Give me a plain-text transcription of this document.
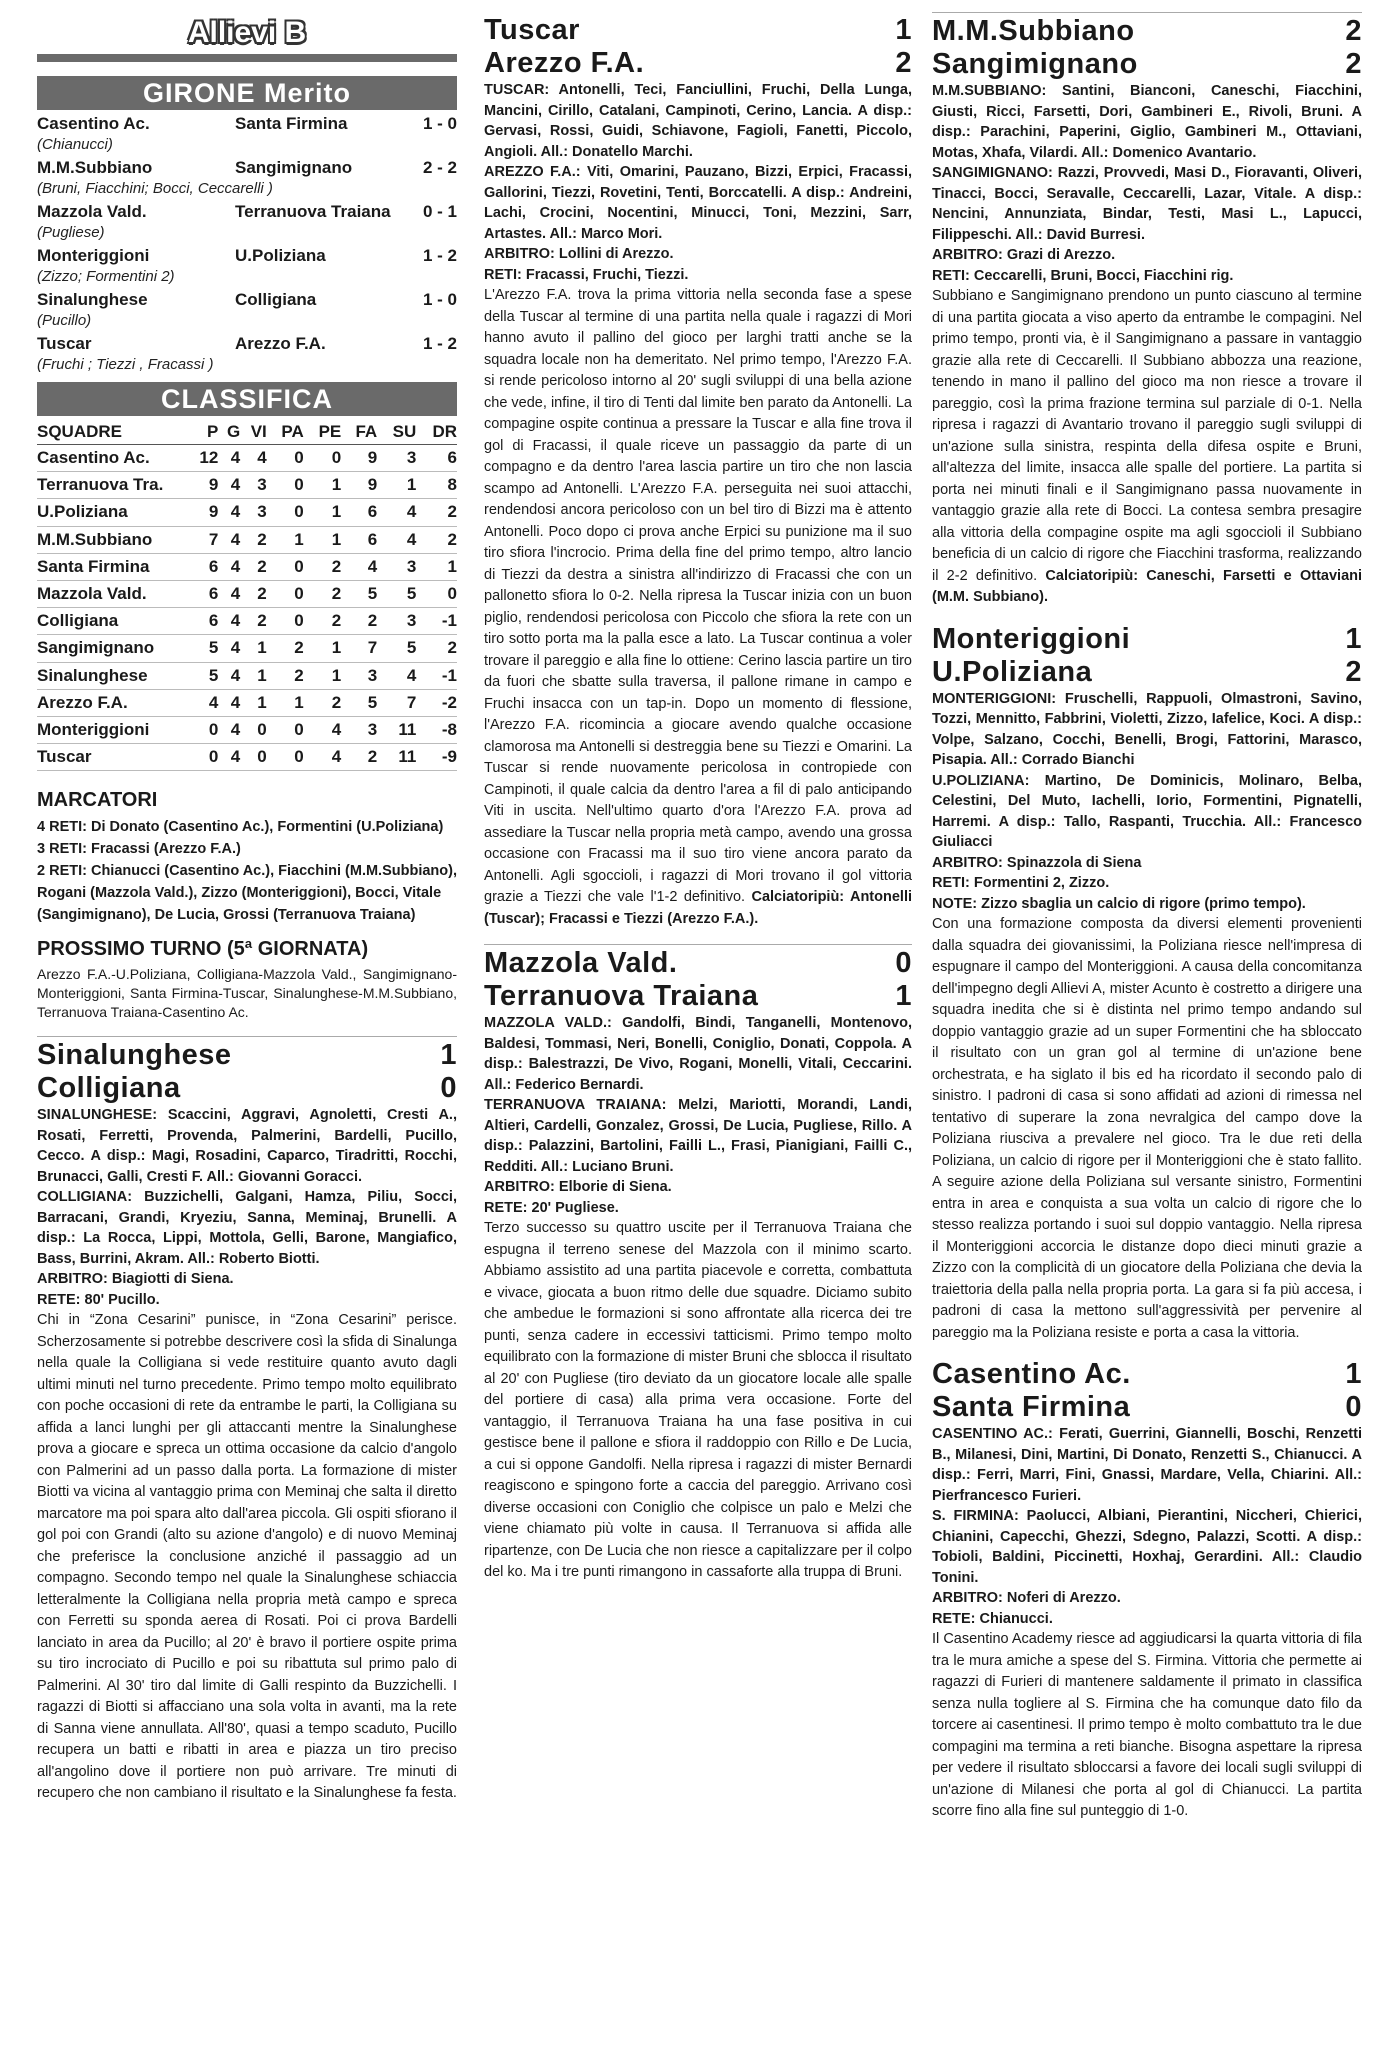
Allievi B
GIRONE Merito
Casentino Ac.	Santa Firmina	1 - 0
(Chianucci)
M.M.Subbiano	Sangimignano	2 - 2
(Bruni, Fiacchini; Bocci, Ceccarelli )
Mazzola Vald.	Terranuova Traiana	0 - 1
(Pugliese)
Monteriggioni	U.Poliziana	1 - 2
(Zizzo; Formentini 2)
Sinalunghese	Colligiana	1 - 0
(Pucillo)
Tuscar	Arezzo F.A.	1 - 2
(Fruchi ; Tiezzi , Fracassi )
CLASSIFICA
SQUADRE	P	G	VI	PA	PE	FA	SU	DR
Casentino Ac.	12	4	4	0	0	9	3	6
Terranuova Tra.	9	4	3	0	1	9	1	8
U.Poliziana	9	4	3	0	1	6	4	2
M.M.Subbiano	7	4	2	1	1	6	4	2
Santa Firmina	6	4	2	0	2	4	3	1
Mazzola Vald.	6	4	2	0	2	5	5	0
Colligiana	6	4	2	0	2	2	3	-1
Sangimignano	5	4	1	2	1	7	5	2
Sinalunghese	5	4	1	2	1	3	4	-1
Arezzo F.A.	4	4	1	1	2	5	7	-2
Monteriggioni	0	4	0	0	4	3	11	-8
Tuscar	0	4	0	0	4	2	11	-9
MARCATORI
4 RETI: Di Donato (Casentino Ac.), Formentini (U.Poliziana)
3 RETI: Fracassi (Arezzo F.A.)
2 RETI: Chianucci (Casentino Ac.), Fiacchini (M.M.Subbiano), Rogani (Mazzola Vald.), Zizzo (Monteriggioni), Bocci, Vitale (Sangimignano), De Lucia, Grossi (Terranuova Traiana)
PROSSIMO TURNO (5ª GIORNATA)
Arezzo F.A.-U.Poliziana, Colligiana-Mazzola Vald., Sangimignano-Monteriggioni, Santa Firmina-Tuscar, Sinalunghese-M.M.Subbiano, Terranuova Traiana-Casentino Ac.
Sinalunghese	1
Colligiana	0
SINALUNGHESE: Scaccini, Aggravi, Agnoletti, Cresti A., Rosati, Ferretti, Provenda, Palmerini, Bardelli, Pucillo, Cecco. A disp.: Magi, Rosadini, Caparco, Tiradritti, Rocchi, Brunacci, Galli, Cresti F. All.: Giovanni Goracci.
COLLIGIANA: Buzzichelli, Galgani, Hamza, Piliu, Socci, Barracani, Grandi, Kryeziu, Sanna, Meminaj, Brunelli. A disp.: La Rocca, Lippi, Mottola, Gelli, Barone, Mangiafico, Bass, Burrini, Akram. All.: Roberto Biotti.
ARBITRO: Biagiotti di Siena.
RETE: 80' Pucillo.
Chi in “Zona Cesarini” punisce, in “Zona Cesarini” perisce. Scherzosamente si potrebbe descrivere così la sfida di Sinalunga nella quale la Colligiana si vede restituire quanto avuto dagli ultimi minuti nel turno precedente. Primo tempo molto equilibrato con poche occasioni di rete da entrambe le parti, la Colligiana su affida a lanci lunghi per gli attaccanti mentre la Sinalunghese prova a giocare e spreca un ottima occasione da calcio d'angolo con Palmerini ad un passo dalla porta. La formazione di mister Biotti va vicina al vantaggio prima con Meminaj che salta il diretto marcatore ma poi spara alto dall'area piccola. Gli ospiti sfiorano il gol poi con Grandi (alto su azione d'angolo) e di nuovo Meminaj che preferisce la conclusione anziché il passaggio ad un compagno. Secondo tempo nel quale la Sinalunghese schiaccia letteralmente la Colligiana nella propria metà campo e spreca con Ferretti su sponda aerea di Rosati. Poi ci prova Bardelli lanciato in area da Pucillo; al 20' è bravo il portiere ospite prima su tiro incrociato di Pucillo e poi su ribattuta sul primo palo di Palmerini. Al 30' tiro dal limite di Galli respinto da Buzzichelli. I ragazzi di Biotti si affacciano una sola volta in avanti, ma la rete di Sanna viene annullata. All'80', quasi a tempo scaduto, Pucillo recupera un batti e ribatti in area e piazza un tiro preciso all'angolino dove il portiere non può arrivare. Tre minuti di recupero che non cambiano il risultato e la Sinalunghese fa festa.
Tuscar	1
Arezzo F.A.	2
TUSCAR: Antonelli, Teci, Fanciullini, Fruchi, Della Lunga, Mancini, Cirillo, Catalani, Campinoti, Cerino, Lancia. A disp.: Gervasi, Rossi, Guidi, Schiavone, Fagioli, Fanetti, Piccolo, Angioli. All.: Donatello Marchi.
AREZZO F.A.: Viti, Omarini, Pauzano, Bizzi, Erpici, Fracassi, Gallorini, Tiezzi, Rovetini, Tenti, Borccatelli. A disp.: Andreini, Lachi, Crocini, Nocentini, Minucci, Toni, Mezzini, Sarr, Artastes. All.: Marco Mori.
ARBITRO: Lollini di Arezzo.
RETI: Fracassi, Fruchi, Tiezzi.
L'Arezzo F.A. trova la prima vittoria nella seconda fase a spese della Tuscar al termine di una partita nella quale i ragazzi di Mori hanno avuto il pallino del gioco per larghi tratti anche se la squadra locale non ha demeritato. Nel primo tempo, l'Arezzo F.A. si rende pericoloso intorno al 20' sugli sviluppi di una bella azione che vede, infine, il tiro di Tenti dal limite ben parato da Antonelli. La compagine ospite continua a pressare la Tuscar e alla fine trova il gol di Fracassi, il quale riceve un passaggio da parte di un compagno e da dentro l'area lascia partire un tiro che non lascia scampo ad Antonelli. L'Arezzo F.A. perseguita nei suoi attacchi, rendendosi ancora pericoloso con un bel tiro di Bizzi ma è attento Antonelli. Poco dopo ci prova anche Erpici su punizione ma il suo tiro sfiora l'incrocio. Prima della fine del primo tempo, altro lancio di Tiezzi da destra a sinistra all'indirizzo di Fracassi che con un pallonetto sfiora lo 0-2. Nella ripresa la Tuscar inizia con un buon piglio, rendendosi pericolosa con Piccolo che sfiora la rete con un tiro sotto porta ma la palla esce a lato. La Tuscar continua a voler trovare il pareggio e alla fine lo ottiene: Cerino lascia partire un tiro da fuori che sbatte sulla traversa, il pallone rimane in campo e Fruchi insacca con un tap-in. Dopo un momento di flessione, l'Arezzo F.A. ricomincia a giocare avendo qualche occasione clamorosa ma Antonelli si destreggia bene su Tiezzi e Omarini. La Tuscar si rende nuovamente pericolosa in contropiede con Campinoti, il quale calcia da dentro l'area a fil di palo anticipando Viti in uscita. Nell'ultimo quarto d'ora l'Arezzo F.A. prova ad assediare la Tuscar nella propria metà campo, avendo una grossa occasione con Fracassi ma il suo tiro viene ancora parato da Antonelli. Agli sgoccioli, i ragazzi di Mori trovano il gol vittoria grazie a Tiezzi che vale l'1-2 definitivo. Calciatoripiù: Antonelli (Tuscar); Fracassi e Tiezzi (Arezzo F.A.).
Mazzola Vald.	0
Terranuova Traiana	1
MAZZOLA VALD.: Gandolfi, Bindi, Tanganelli, Montenovo, Baldesi, Tommasi, Neri, Bonelli, Coniglio, Donati, Coppola. A disp.: Balestrazzi, De Vivo, Rogani, Monelli, Vitali, Ceccarini. All.: Federico Bernardi.
TERRANUOVA TRAIANA: Melzi, Mariotti, Morandi, Landi, Altieri, Cardelli, Gonzalez, Grossi, De Lucia, Pugliese, Rillo. A disp.: Palazzini, Bartolini, Failli L., Frasi, Pianigiani, Failli C., Redditi. All.: Luciano Bruni.
ARBITRO: Elborie di Siena.
RETE: 20' Pugliese.
Terzo successo su quattro uscite per il Terranuova Traiana che espugna il terreno senese del Mazzola con il minimo scarto. Abbiamo assistito ad una partita piacevole e corretta, combattuta e vivace, giocata a buon ritmo delle due squadre. Diciamo subito che ambedue le formazioni si sono affrontate alla ricerca dei tre punti, senza cadere in eccessivi tatticismi. Primo tempo molto equilibrato con la formazione di mister Bruni che sblocca il risultato al 20' con Pugliese (tiro deviato da un giocatore locale alle spalle del portiere di casa) alla prima vera occasione. Forte del vantaggio, il Terranuova Traiana ha una fase positiva in cui gestisce bene il pallone e sfiora il raddoppio con Rillo e De Lucia, a cui si oppone Gandolfi. Nella ripresa i ragazzi di mister Bernardi reagiscono e spingono forte a caccia del pareggio. Arrivano così diverse occasioni con Coniglio che colpisce un palo e Melzi che viene chiamato più volte in causa. Il Terranuova si affida alle ripartenze, con De Lucia che non riesce a capitalizzare per il colpo del ko. Ma i tre punti rimangono in cassaforte alla truppa di Bruni.
M.M.Subbiano	2
Sangimignano	2
M.M.SUBBIANO: Santini, Bianconi, Caneschi, Fiacchini, Giusti, Ricci, Farsetti, Dori, Gambineri E., Rivoli, Bruni. A disp.: Parachini, Paperini, Giglio, Gambineri M., Ottaviani, Motas, Xhafa, Vilardi. All.: Domenico Avantario.
SANGIMIGNANO: Razzi, Provvedi, Masi D., Fioravanti, Oliveri, Tinacci, Bocci, Seravalle, Ceccarelli, Lazar, Vitale. A disp.: Nencini, Annunziata, Bindar, Testi, Masi L., Lapucci, Filippeschi. All.: David Burresi.
ARBITRO: Grazi di Arezzo.
RETI: Ceccarelli, Bruni, Bocci, Fiacchini rig.
Subbiano e Sangimignano prendono un punto ciascuno al termine di una partita giocata a viso aperto da entrambe le compagini. Nel primo tempo, pronti via, è il Sangimignano a passare in vantaggio grazie alla rete di Ceccarelli. Il Subbiano abbozza una reazione, tenendo in mano il pallino del gioco ma non riesce a trovare il pareggio, così la prima frazione termina sul parziale di 0-1. Nella ripresa i ragazzi di Avantario trovano il pareggio sugli sviluppi di un'azione sulla sinistra, respinta della difesa ospite e Bruni, all'altezza del limite, insacca alle spalle del portiere. La partita si porta nei minuti finali e il Sangimignano passa nuovamente in vantaggio grazie alla rete di Bocci. La contesa sembra presagire alla vittoria della compagine ospite ma agli sgoccioli il Subbiano beneficia di un calcio di rigore che Fiacchini trasforma, realizzando il 2-2 definitivo. Calciatoripiù: Caneschi, Farsetti e Ottaviani (M.M. Subbiano).
Monteriggioni	1
U.Poliziana	2
MONTERIGGIONI: Fruschelli, Rappuoli, Olmastroni, Savino, Tozzi, Mennitto, Fabbrini, Violetti, Zizzo, Iafelice, Koci. A disp.: Volpe, Salzano, Cocchi, Benelli, Brogi, Fattorini, Marasco, Pisapia. All.: Corrado Bianchi
U.POLIZIANA: Martino, De Dominicis, Molinaro, Belba, Celestini, Del Muto, Iachelli, Iorio, Formentini, Pignatelli, Harremi. A disp.: Tallo, Raspanti, Trucchia. All.: Francesco Giuliacci
ARBITRO: Spinazzola di Siena
RETI: Formentini 2, Zizzo.
NOTE: Zizzo sbaglia un calcio di rigore (primo tempo).
Con una formazione composta da diversi elementi provenienti dalla squadra dei giovanissimi, la Poliziana riesce nell'impresa di espugnare il campo del Monteriggioni. A causa della concomitanza dell'impegno degli Allievi A, mister Acunto è costretto a dirigere una squadra inedita che si è distinta nel primo tempo andando sul doppio vantaggio grazie ad un super Formentini che ha sbloccato il risultato con un gran gol al termine di un'azione bene orchestrata, e ha siglato il bis ed ha ricordato il secondo palo di sinistro. I padroni di casa si sono affidati ad azioni di rimessa nel tentativo di superare la zona nevralgica del campo dove la Poliziana riusciva a prevalere nel gioco. Tra le due reti della Poliziana, un calcio di rigore per il Monteriggioni che è stato fallito. A seguire azione della Poliziana sul versante sinistro, Formentini entra in area e conquista a sua volta un calcio di rigore che lo stesso realizza portando i suoi sul doppio vantaggio. Nella ripresa il Monteriggioni accorcia le distanze dopo dieci minuti grazie a Zizzo con la complicità di un giocatore della Poliziana che devia la traiettoria della palla nella propria porta. La gara si fa più accesa, i padroni di casa la mettono sull'aggressività per pervenire al pareggio ma la Poliziana resiste e porta a casa la vittoria.
Casentino Ac.	1
Santa Firmina	0
CASENTINO AC.: Ferati, Guerrini, Giannelli, Boschi, Renzetti B., Milanesi, Dini, Martini, Di Donato, Renzetti S., Chianucci. A disp.: Ferri, Marri, Fini, Gnassi, Mardare, Vella, Chiarini. All.: Pierfrancesco Furieri.
S. FIRMINA: Paolucci, Albiani, Pierantini, Niccheri, Chierici, Chianini, Capecchi, Ghezzi, Sdegno, Palazzi, Scotti. A disp.: Tobioli, Baldini, Piccinetti, Hoxhaj, Gerardini. All.: Claudio Tonini.
ARBITRO: Noferi di Arezzo.
RETE: Chianucci.
Il Casentino Academy riesce ad aggiudicarsi la quarta vittoria di fila tra le mura amiche a spese del S. Firmina. Vittoria che permette ai ragazzi di Furieri di mantenere saldamente il primato in classifica senza nulla togliere al S. Firmina che ha comunque dato filo da torcere ai casentinesi. Il primo tempo è molto combattuto tra le due compagini ma termina a reti bianche. Bisogna aspettare la ripresa per vedere il risultato sbloccarsi a favore dei locali sugli sviluppi di un'azione di Milanesi che porta al gol di Chianucci. La partita scorre fino alla fine sul punteggio di 1-0.
